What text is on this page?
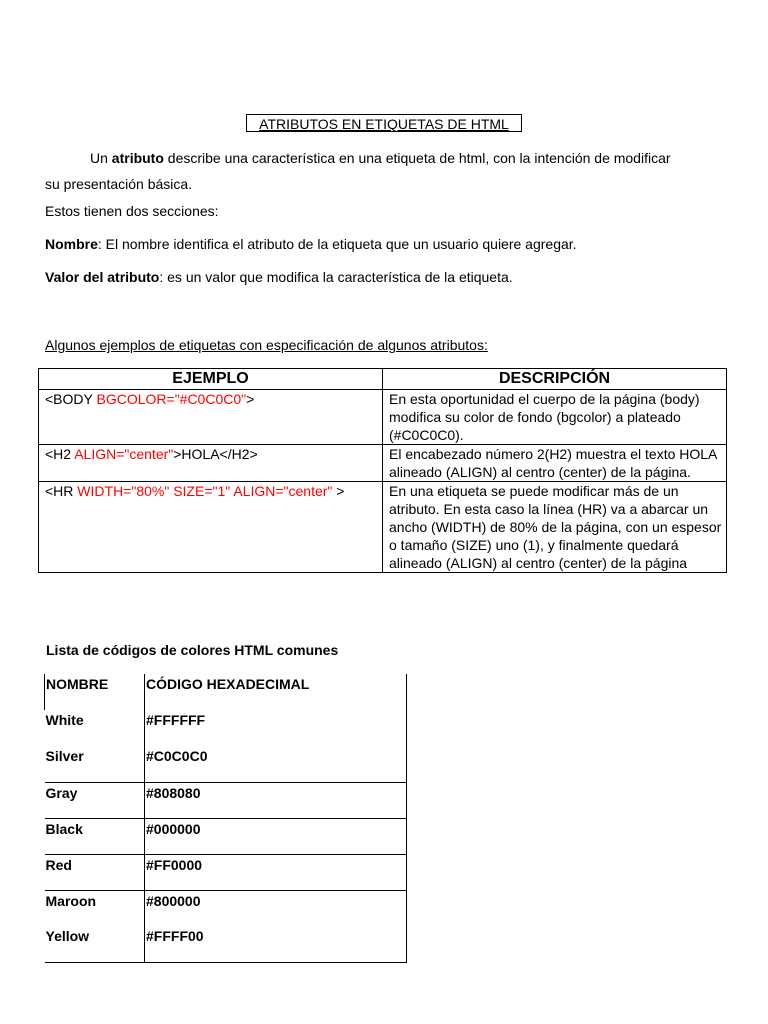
ATRIBUTOS EN ETIQUETAS DE HTML
Un atributo describe una característica en una etiqueta de html, con la intención de modificar
su presentación básica.
Estos tienen dos secciones:
Nombre: El nombre identifica el atributo de la etiqueta que un usuario quiere agregar.
Valor del atributo: es un valor que modifica la característica de la etiqueta.
Algunos ejemplos de etiquetas con especificación de algunos atributos:
EJEMPLO	DESCRIPCIÓN
<BODY BGCOLOR="#C0C0C0">	En esta oportunidad el cuerpo de la página (body) modifica su color de fondo (bgcolor) a plateado (#C0C0C0).
<H2 ALIGN="center">HOLA</H2>	El encabezado número 2(H2) muestra el texto HOLA alineado (ALIGN) al centro (center) de la página.
<HR WIDTH="80%" SIZE="1" ALIGN="center" >	En una etiqueta se puede modificar más de un atributo. En esta caso la línea (HR) va a abarcar un ancho (WIDTH) de 80% de la página, con un espesor o tamaño (SIZE) uno (1), y finalmente quedará alineado (ALIGN) al centro (center) de la página
Lista de códigos de colores HTML comunes
NOMBRE	CÓDIGO HEXADECIMAL
White	#FFFFFF
Silver	#C0C0C0
Gray	#808080
Black	#000000
Red	#FF0000
Maroon	#800000
Yellow	#FFFF00
